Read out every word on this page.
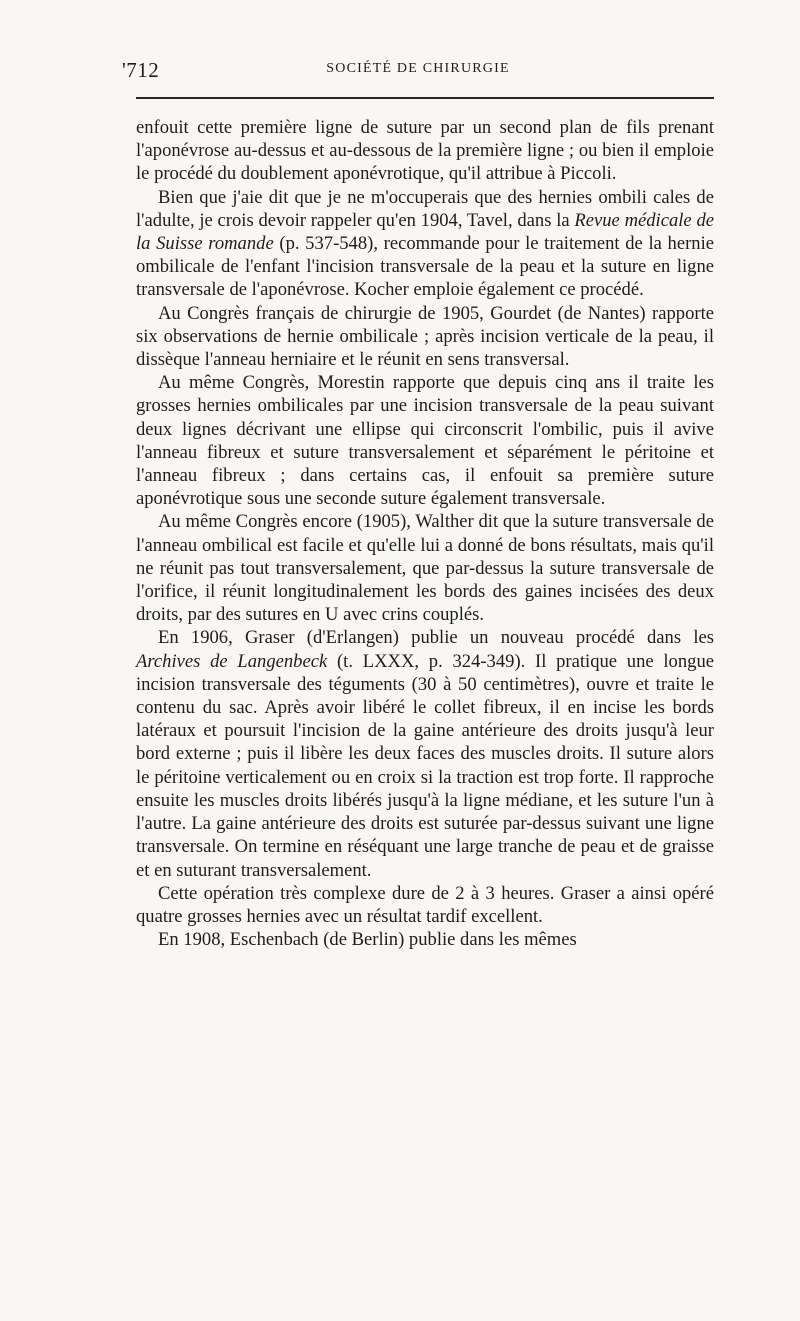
'712	SOCIÉTÉ DE CHIRURGIE

enfouit cette première ligne de suture par un second plan de fils prenant l'aponévrose au-dessus et au-dessous de la première ligne ; ou bien il emploie le procédé du doublement aponévrotique, qu'il attribue à Piccoli.

Bien que j'aie dit que je ne m'occuperais que des hernies ombili cales de l'adulte, je crois devoir rappeler qu'en 1904, Tavel, dans la Revue médicale de la Suisse romande (p. 537-548), recommande pour le traitement de la hernie ombilicale de l'enfant l'incision transversale de la peau et la suture en ligne transversale de l'aponévrose. Kocher emploie également ce procédé.

Au Congrès français de chirurgie de 1905, Gourdet (de Nantes) rapporte six observations de hernie ombilicale ; après incision verticale de la peau, il dissèque l'anneau herniaire et le réunit en sens transversal.

Au même Congrès, Morestin rapporte que depuis cinq ans il traite les grosses hernies ombilicales par une incision transversale de la peau suivant deux lignes décrivant une ellipse qui circonscrit l'ombilic, puis il avive l'anneau fibreux et suture transversalement et séparément le péritoine et l'anneau fibreux ; dans certains cas, il enfouit sa première suture aponévrotique sous une seconde suture également transversale.

Au même Congrès encore (1905), Walther dit que la suture transversale de l'anneau ombilical est facile et qu'elle lui a donné de bons résultats, mais qu'il ne réunit pas tout transversalement, que par-dessus la suture transversale de l'orifice, il réunit longitudinalement les bords des gaines incisées des deux droits, par des sutures en U avec crins couplés.

En 1906, Graser (d'Erlangen) publie un nouveau procédé dans les Archives de Langenbeck (t. LXXX, p. 324-349). Il pratique une longue incision transversale des téguments (30 à 50 centimètres), ouvre et traite le contenu du sac. Après avoir libéré le collet fibreux, il en incise les bords latéraux et poursuit l'incision de la gaine antérieure des droits jusqu'à leur bord externe ; puis il libère les deux faces des muscles droits. Il suture alors le péritoine verticalement ou en croix si la traction est trop forte. Il rapproche ensuite les muscles droits libérés jusqu'à la ligne médiane, et les suture l'un à l'autre. La gaine antérieure des droits est suturée par-dessus suivant une ligne transversale. On termine en réséquant une large tranche de peau et de graisse et en suturant transversalement.

Cette opération très complexe dure de 2 à 3 heures. Graser a ainsi opéré quatre grosses hernies avec un résultat tardif excellent.

En 1908, Eschenbach (de Berlin) publie dans les mêmes
